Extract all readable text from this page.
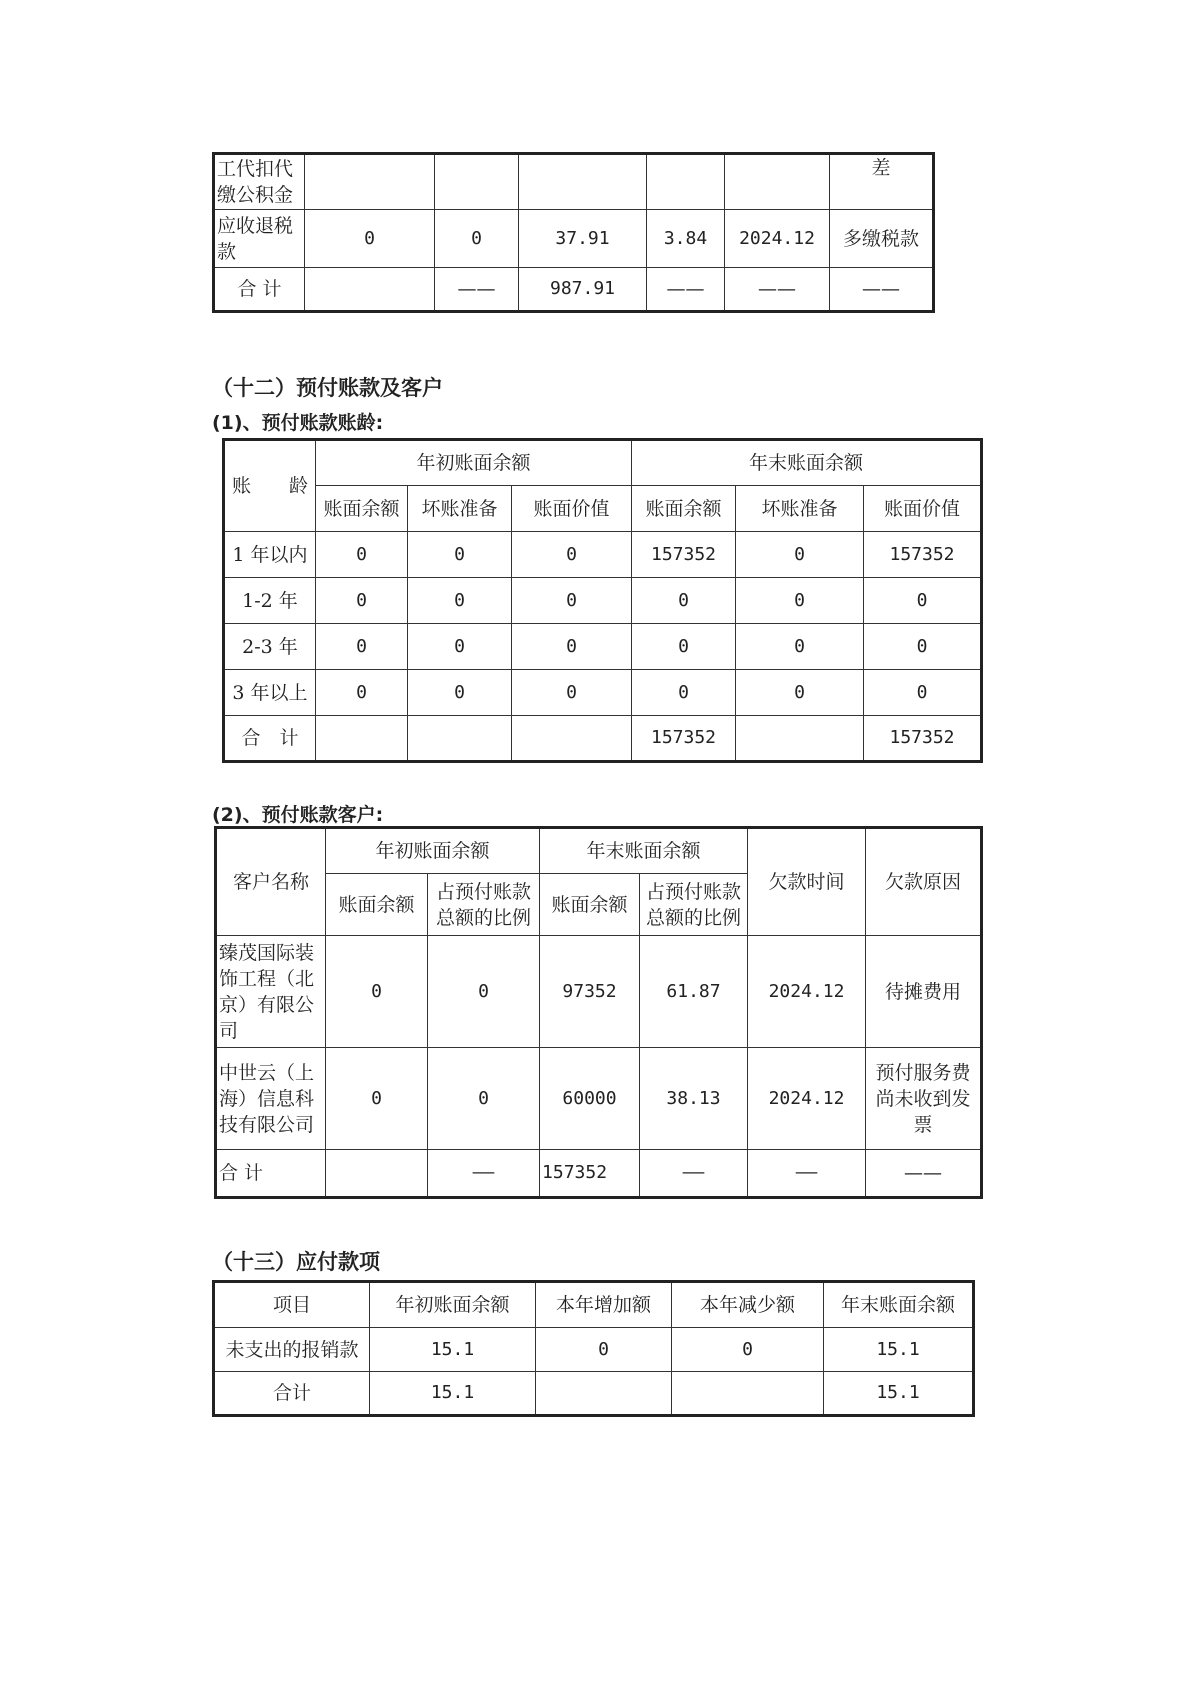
工代扣代缴公积金						差
应收退税款	0	0	37.91	3.84	2024.12	多缴税款
合 计		——	987.91	——	——	——
（十二）预付账款及客户
(1)、预付账款账龄:
账　　龄	年初账面余额			年末账面余额		
	账面余额	坏账准备	账面价值	账面余额	坏账准备	账面价值
1 年以内	0	0	0	157352	0	157352
1-2 年	0	0	0	0	0	0
2-3 年	0	0	0	0	0	0
3 年以上	0	0	0	0	0	0
合　计				157352		157352
(2)、预付账款客户:
客户名称	年初账面余额		年末账面余额		欠款时间	欠款原因
	账面余额	占预付账款总额的比例	账面余额	占预付账款总额的比例		
臻茂国际装饰工程（北京）有限公司	0	0	97352	61.87	2024.12	待摊费用
中世云（上海）信息科技有限公司	0	0	60000	38.13	2024.12	预付服务费尚未收到发票
合 计		——	157352	——	——	——
（十三）应付款项
项目	年初账面余额	本年增加额	本年减少额	年末账面余额
未支出的报销款	15.1	0	0	15.1
合计	15.1			15.1
